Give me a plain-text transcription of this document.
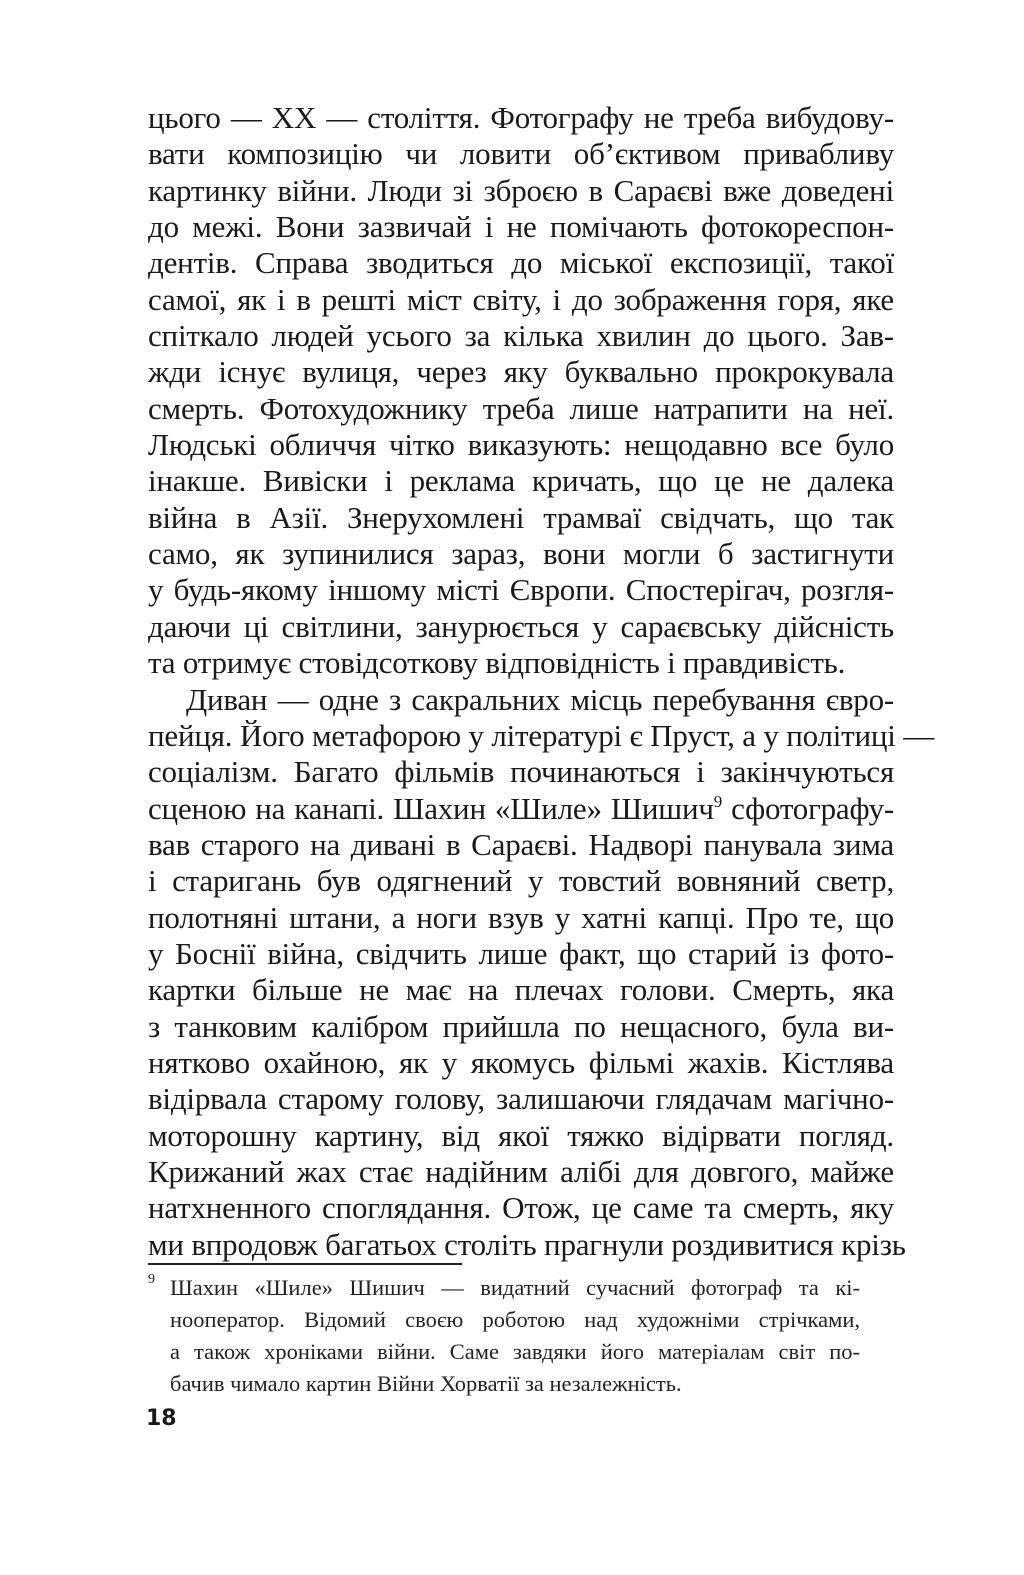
цього — ХХ — століття. Фотографу не треба вибудову-
вати композицію чи ловити об’єктивом привабливу
картинку війни. Люди зі зброєю в Сараєві вже доведені
до межі. Вони зазвичай і не помічають фотокореспон-
дентів. Справа зводиться до міської експозиції, такої
самої, як і в решті міст світу, і до зображення горя, яке
спіткало людей усього за кілька хвилин до цього. Зав-
жди існує вулиця, через яку буквально прокрокувала
смерть. Фотохудожнику треба лише натрапити на неї.
Людські обличчя чітко виказують: нещодавно все було
інакше. Вивіски і реклама кричать, що це не далека
війна в Азії. Знерухомлені трамваї свідчать, що так
само, як зупинилися зараз, вони могли б застигнути
у будь-якому іншому місті Європи. Спостерігач, розгля-
даючи ці світлини, занурюється у сараєвську дійсність
та отримує стовідсоткову відповідність і правдивість.
Диван — одне з сакральних місць перебування євро-
пейця. Його метафорою у літературі є Пруст, а у політиці —
соціалізм. Багато фільмів починаються і закінчуються
сценою на канапі. Шахин «Шиле» Шишич$^9$ сфотографу-
вав старого на дивані в Сараєві. Надворі панувала зима
і старигань був одягнений у товстий вовняний светр,
полотняні штани, а ноги взув у хатні капці. Про те, що
у Боснії війна, свідчить лише факт, що старий із фото-
картки більше не має на плечах голови. Смерть, яка
з танковим калібром прийшла по нещасного, була ви-
нятково охайною, як у якомусь фільмі жахів. Кістлява
відірвала старому голову, залишаючи глядачам магічно-
моторошну картину, від якої тяжко відірвати погляд.
Крижаний жах стає надійним алібі для довгого, майже
натхненного споглядання. Отож, це саме та смерть, яку
ми впродовж багатьох століть прагнули роздивитися крізь
9 Шахин «Шиле» Шишич — видатний сучасний фотограф та кі-
нооператор. Відомий своєю роботою над художніми стрічками,
а також хроніками війни. Саме завдяки його матеріалам світ по-
бачив чимало картин Війни Хорватії за незалежність.
18
